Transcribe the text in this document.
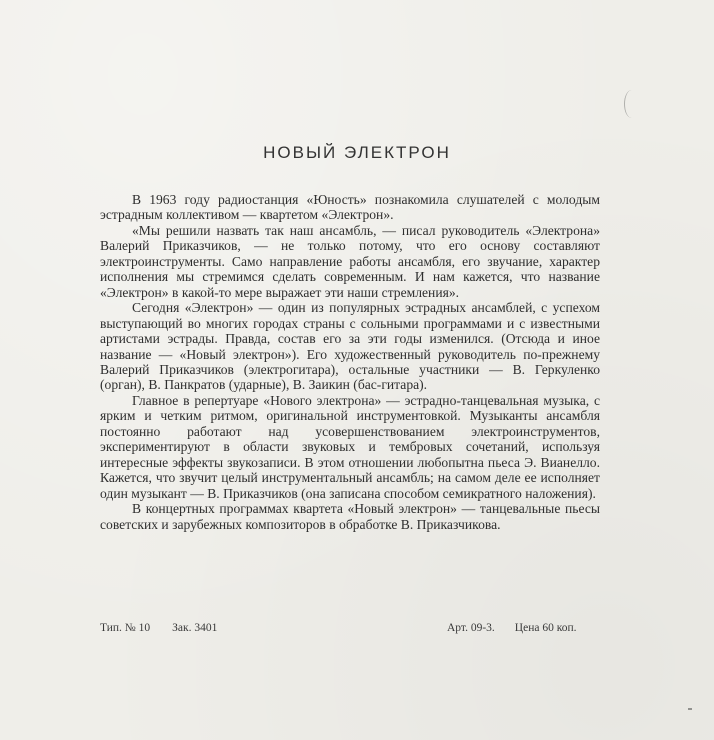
НОВЫЙ ЭЛЕКТРОН

В 1963 году радиостанция «Юность» познакомила слушателей с молодым эстрадным коллективом — квартетом «Электрон».

«Мы решили назвать так наш ансамбль, — писал руководитель «Электрона» Валерий Приказчиков, — не только потому, что его основу составляют электроинструменты. Само направление работы ансамбля, его звучание, характер исполнения мы стремимся сделать современным. И нам кажется, что название «Электрон» в какой-то мере выражает эти наши стремления».

Сегодня «Электрон» — один из популярных эстрадных ансамблей, с успехом выступающий во многих городах страны с сольными программами и с известными артистами эстрады. Правда, состав его за эти годы изменился. (Отсюда и иное название — «Новый электрон»). Его художественный руководитель по-прежнему Валерий Приказчиков (электрогитара), остальные участники — В. Геркуленко (орган), В. Панкратов (ударные), В. Заикин (бас-гитара).

Главное в репертуаре «Нового электрона» — эстрадно-танцевальная музыка, с ярким и четким ритмом, оригинальной инструментовкой. Музыканты ансамбля постоянно работают над усовершенствованием электроинструментов, экспериментируют в области звуковых и тембровых сочетаний, используя интересные эффекты звукозаписи. В этом отношении любопытна пьеса Э. Вианелло. Кажется, что звучит целый инструментальный ансамбль; на самом деле ее исполняет один музыкант — В. Приказчиков (она записана способом семикратного наложения).

В концертных программах квартета «Новый электрон» — танцевальные пьесы советских и зарубежных композиторов в обработке В. Приказчикова.

Тип. № 10 Зак. 3401	Арт. 09-3. Цена 60 коп.
